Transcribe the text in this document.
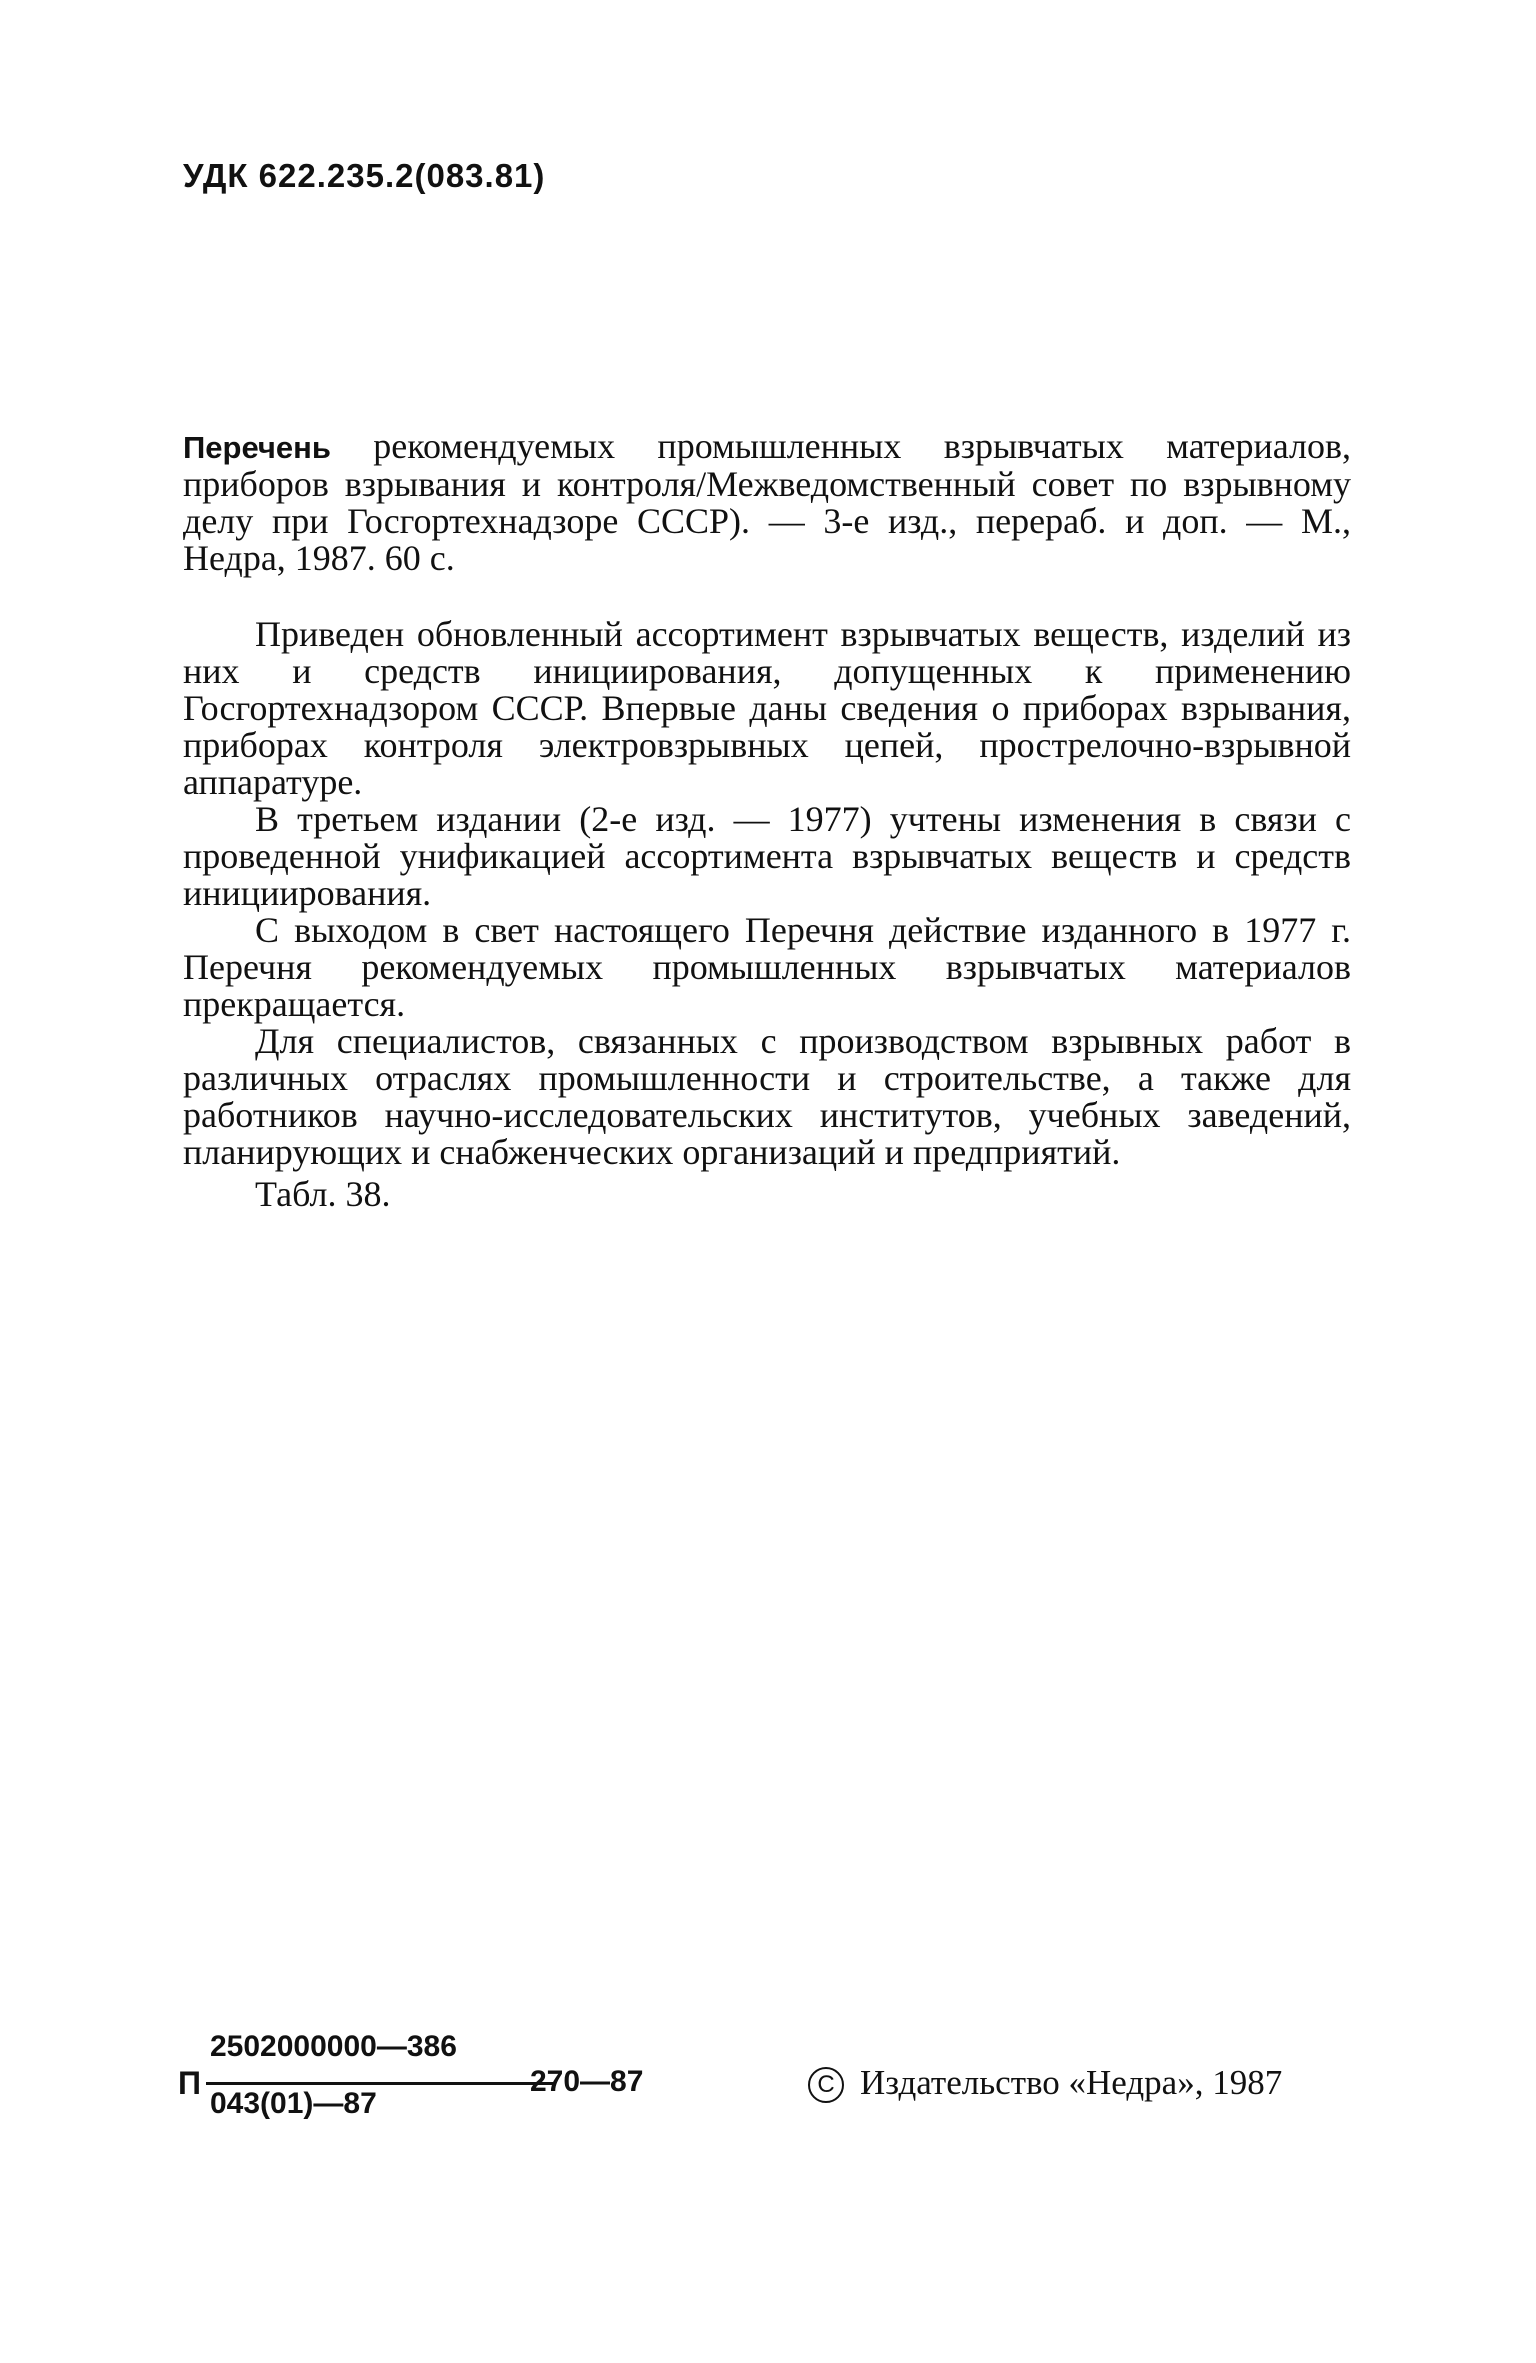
УДК 622.235.2(083.81)

Перечень рекомендуемых промышленных взрывчатых материалов, приборов взрывания и контроля/Межведомственный совет по взрывному делу при Госгортехнадзоре СССР). — 3-е изд., перераб. и доп. — М., Недра, 1987. 60 с.

Приведен обновленный ассортимент взрывчатых веществ, изделий из них и средств инициирования, допущенных к применению Госгортехнадзором СССР. Впервые даны сведения о приборах взрывания, приборах контроля электровзрывных цепей, прострелочно-взрывной аппаратуре.

В третьем издании (2-е изд. — 1977) учтены изменения в связи с проведенной унификацией ассортимента взрывчатых веществ и средств инициирования.

С выходом в свет настоящего Перечня действие изданного в 1977 г. Перечня рекомендуемых промышленных взрывчатых материалов прекращается.

Для специалистов, связанных с производством взрывных работ в различных отраслях промышленности и строительстве, а также для работников научно-исследовательских институтов, учебных заведений, планирующих и снабженческих организаций и предприятий.

Табл. 38.

П
2502000000—386
043(01)—87
270—87	C Издательство «Недра», 1987
